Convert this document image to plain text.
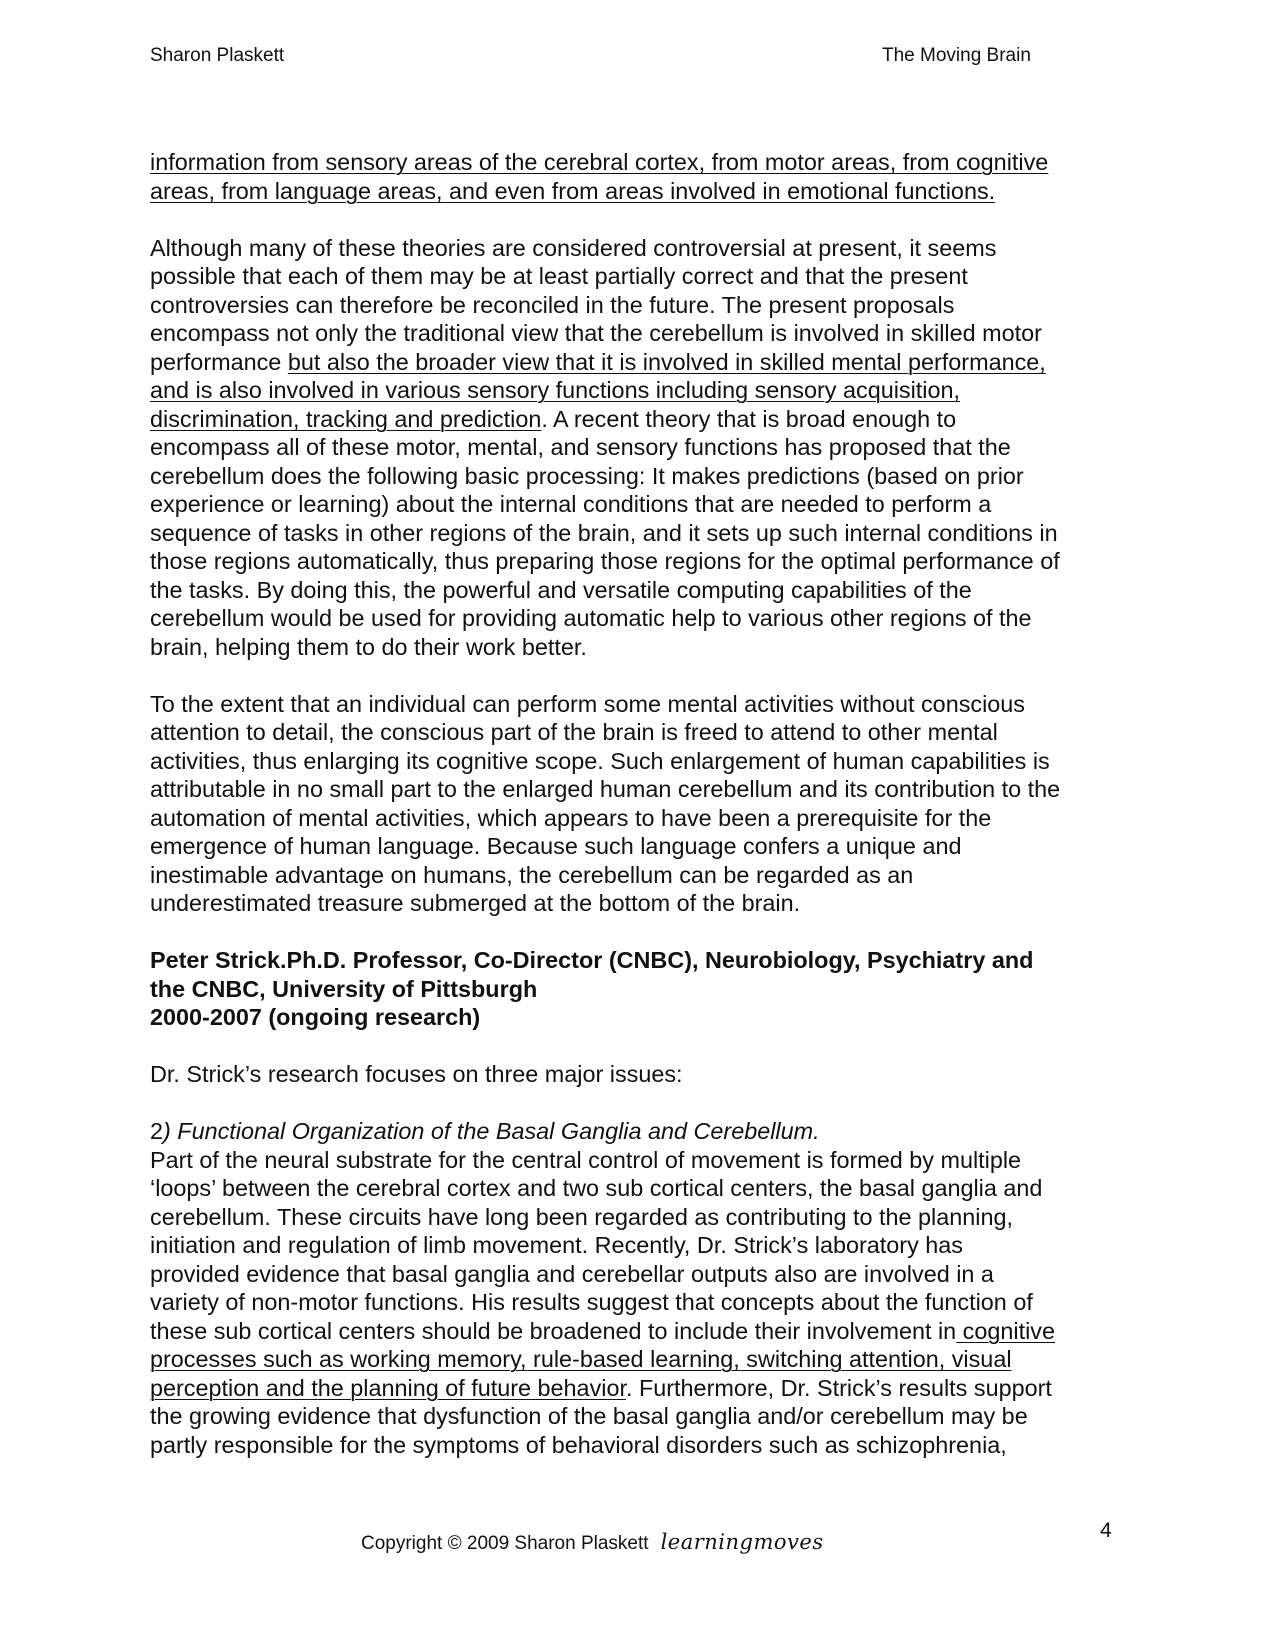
Sharon Plaskett	The Moving Brain

information from sensory areas of the cerebral cortex, from motor areas, from cognitive
areas, from language areas, and even from areas involved in emotional functions.

Although many of these theories are considered controversial at present, it seems
possible that each of them may be at least partially correct and that the present
controversies can therefore be reconciled in the future. The present proposals
encompass not only the traditional view that the cerebellum is involved in skilled motor
performance but also the broader view that it is involved in skilled mental performance,
and is also involved in various sensory functions including sensory acquisition,
discrimination, tracking and prediction. A recent theory that is broad enough to
encompass all of these motor, mental, and sensory functions has proposed that the
cerebellum does the following basic processing: It makes predictions (based on prior
experience or learning) about the internal conditions that are needed to perform a
sequence of tasks in other regions of the brain, and it sets up such internal conditions in
those regions automatically, thus preparing those regions for the optimal performance of
the tasks. By doing this, the powerful and versatile computing capabilities of the
cerebellum would be used for providing automatic help to various other regions of the
brain, helping them to do their work better.

To the extent that an individual can perform some mental activities without conscious
attention to detail, the conscious part of the brain is freed to attend to other mental
activities, thus enlarging its cognitive scope. Such enlargement of human capabilities is
attributable in no small part to the enlarged human cerebellum and its contribution to the
automation of mental activities, which appears to have been a prerequisite for the
emergence of human language. Because such language confers a unique and
inestimable advantage on humans, the cerebellum can be regarded as an
underestimated treasure submerged at the bottom of the brain.

Peter Strick.Ph.D. Professor, Co-Director (CNBC), Neurobiology, Psychiatry and
the CNBC, University of Pittsburgh
2000-2007 (ongoing research)

Dr. Strick’s research focuses on three major issues:

2) Functional Organization of the Basal Ganglia and Cerebellum.
Part of the neural substrate for the central control of movement is formed by multiple
‘loops’ between the cerebral cortex and two sub cortical centers, the basal ganglia and
cerebellum. These circuits have long been regarded as contributing to the planning,
initiation and regulation of limb movement. Recently, Dr. Strick’s laboratory has
provided evidence that basal ganglia and cerebellar outputs also are involved in a
variety of non-motor functions. His results suggest that concepts about the function of
these sub cortical centers should be broadened to include their involvement in cognitive
processes such as working memory, rule-based learning, switching attention, visual
perception and the planning of future behavior. Furthermore, Dr. Strick’s results support
the growing evidence that dysfunction of the basal ganglia and/or cerebellum may be
partly responsible for the symptoms of behavioral disorders such as schizophrenia,

Copyright © 2009 Sharon Plaskett learningmoves	4
